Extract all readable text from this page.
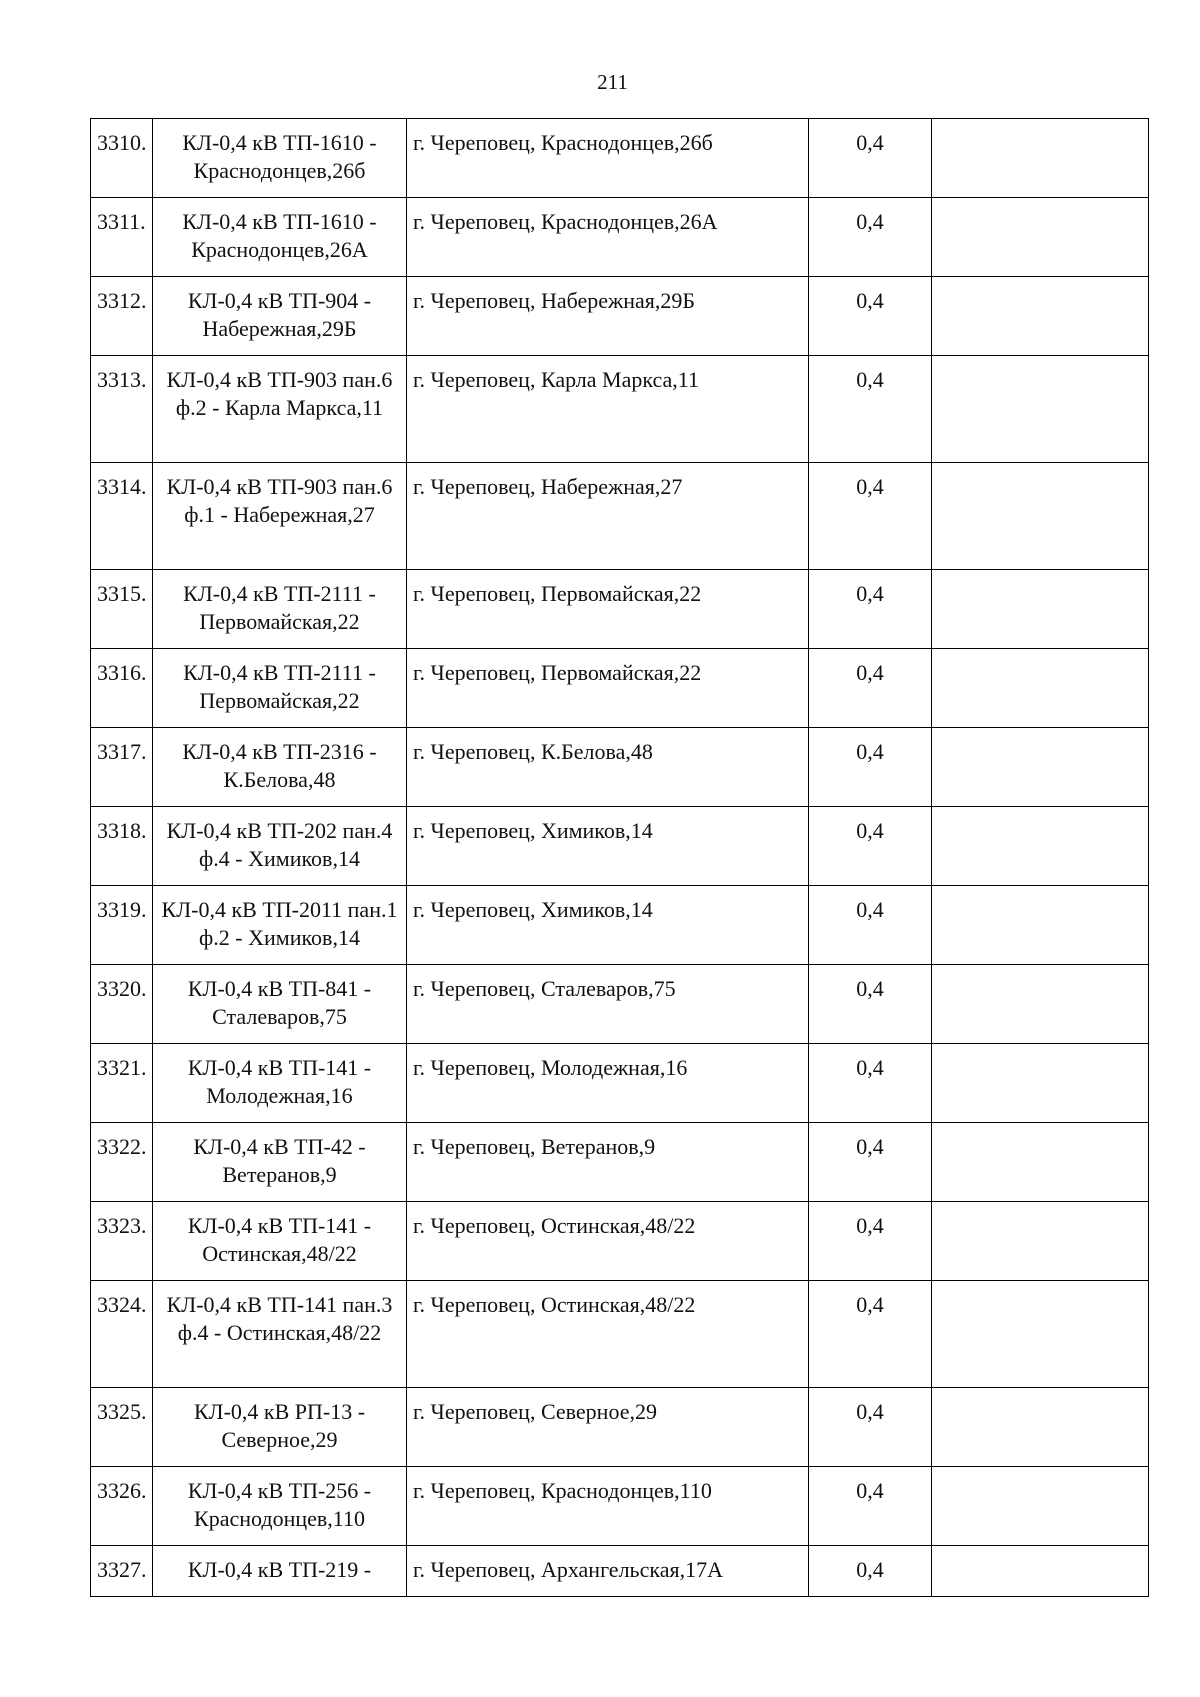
211
3310.	КЛ-0,4 кВ ТП-1610 - Краснодонцев,26б	г. Череповец, Краснодонцев,26б	0,4	
3311.	КЛ-0,4 кВ ТП-1610 - Краснодонцев,26А	г. Череповец, Краснодонцев,26А	0,4	
3312.	КЛ-0,4 кВ ТП-904 - Набережная,29Б	г. Череповец, Набережная,29Б	0,4	
3313.	КЛ-0,4 кВ ТП-903 пан.6 ф.2 - Карла Маркса,11	г. Череповец, Карла Маркса,11	0,4	
3314.	КЛ-0,4 кВ ТП-903 пан.6 ф.1 - Набережная,27	г. Череповец, Набережная,27	0,4	
3315.	КЛ-0,4 кВ ТП-2111 - Первомайская,22	г. Череповец, Первомайская,22	0,4	
3316.	КЛ-0,4 кВ ТП-2111 - Первомайская,22	г. Череповец, Первомайская,22	0,4	
3317.	КЛ-0,4 кВ ТП-2316 - К.Белова,48	г. Череповец, К.Белова,48	0,4	
3318.	КЛ-0,4 кВ ТП-202 пан.4 ф.4 - Химиков,14	г. Череповец, Химиков,14	0,4	
3319.	КЛ-0,4 кВ ТП-2011 пан.1 ф.2 - Химиков,14	г. Череповец, Химиков,14	0,4	
3320.	КЛ-0,4 кВ ТП-841 - Сталеваров,75	г. Череповец, Сталеваров,75	0,4	
3321.	КЛ-0,4 кВ ТП-141 - Молодежная,16	г. Череповец, Молодежная,16	0,4	
3322.	КЛ-0,4 кВ ТП-42 - Ветеранов,9	г. Череповец, Ветеранов,9	0,4	
3323.	КЛ-0,4 кВ ТП-141 - Остинская,48/22	г. Череповец, Остинская,48/22	0,4	
3324.	КЛ-0,4 кВ ТП-141 пан.3 ф.4 - Остинская,48/22	г. Череповец, Остинская,48/22	0,4	
3325.	КЛ-0,4 кВ РП-13 - Северное,29	г. Череповец, Северное,29	0,4	
3326.	КЛ-0,4 кВ ТП-256 - Краснодонцев,110	г. Череповец, Краснодонцев,110	0,4	
3327.	КЛ-0,4 кВ ТП-219 -	г. Череповец, Архангельская,17А	0,4	
